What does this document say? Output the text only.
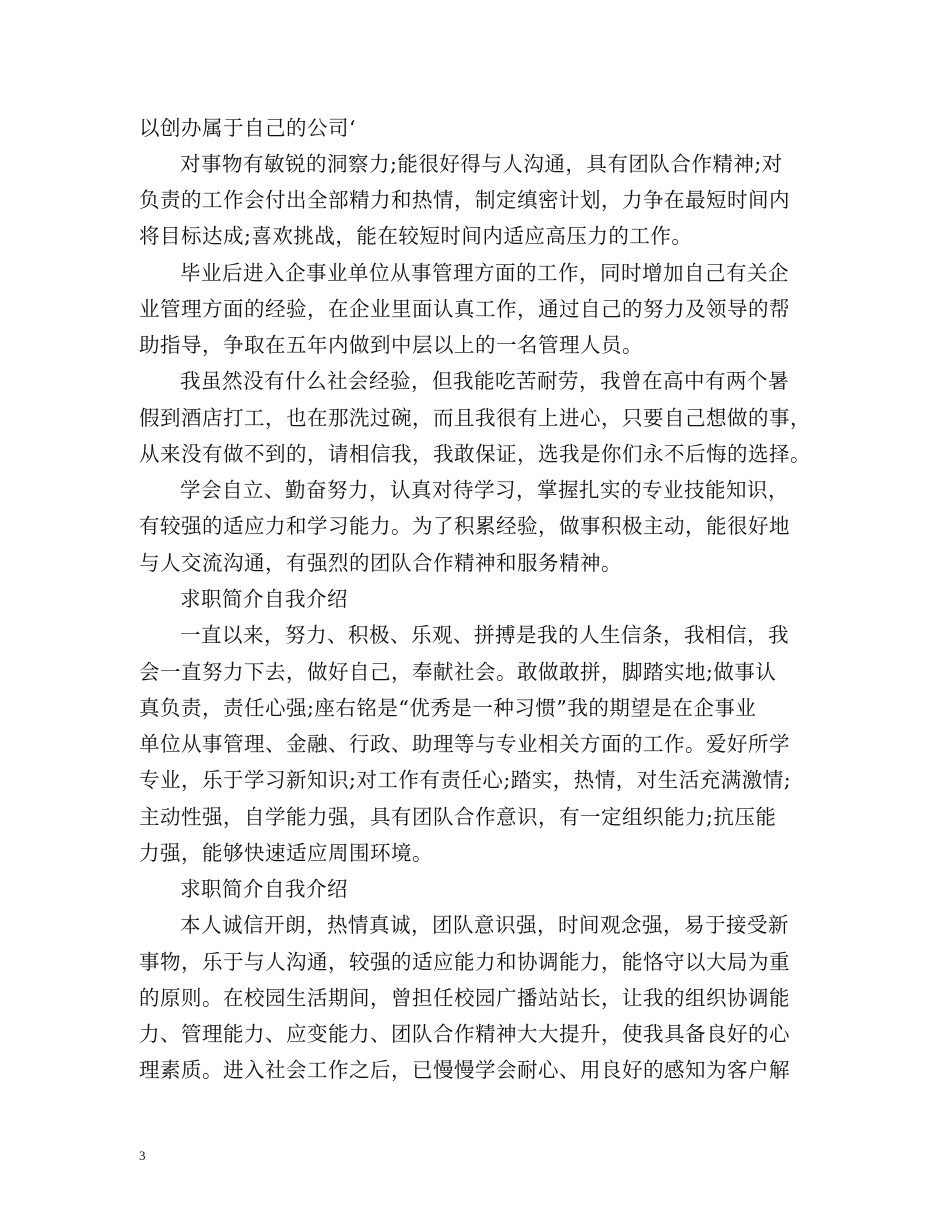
以创办属于自己的公司‘
对事物有敏锐的洞察力;能很好得与人沟通，具有团队合作精神;对
负责的工作会付出全部精力和热情，制定缜密计划，力争在最短时间内
将目标达成;喜欢挑战，能在较短时间内适应高压力的工作。
毕业后进入企事业单位从事管理方面的工作，同时增加自己有关企
业管理方面的经验，在企业里面认真工作，通过自己的努力及领导的帮
助指导，争取在五年内做到中层以上的一名管理人员。
我虽然没有什么社会经验，但我能吃苦耐劳，我曾在高中有两个暑
假到酒店打工，也在那洗过碗，而且我很有上进心，只要自己想做的事，
从来没有做不到的，请相信我，我敢保证，选我是你们永不后悔的选择。
学会自立、勤奋努力，认真对待学习，掌握扎实的专业技能知识，
有较强的适应力和学习能力。为了积累经验，做事积极主动，能很好地
与人交流沟通，有强烈的团队合作精神和服务精神。
求职简介自我介绍
一直以来，努力、积极、乐观、拼搏是我的人生信条，我相信，我
会一直努力下去，做好自己，奉献社会。敢做敢拼，脚踏实地;做事认
真负责，责任心强;座右铭是“优秀是一种习惯”我的期望是在企事业
单位从事管理、金融、行政、助理等与专业相关方面的工作。爱好所学
专业，乐于学习新知识;对工作有责任心;踏实，热情，对生活充满激情;
主动性强，自学能力强，具有团队合作意识，有一定组织能力;抗压能
力强，能够快速适应周围环境。
求职简介自我介绍
本人诚信开朗，热情真诚，团队意识强，时间观念强，易于接受新
事物，乐于与人沟通，较强的适应能力和协调能力，能恪守以大局为重
的原则。在校园生活期间，曾担任校园广播站站长，让我的组织协调能
力、管理能力、应变能力、团队合作精神大大提升，使我具备良好的心
理素质。进入社会工作之后，已慢慢学会耐心、用良好的感知为客户解
3
